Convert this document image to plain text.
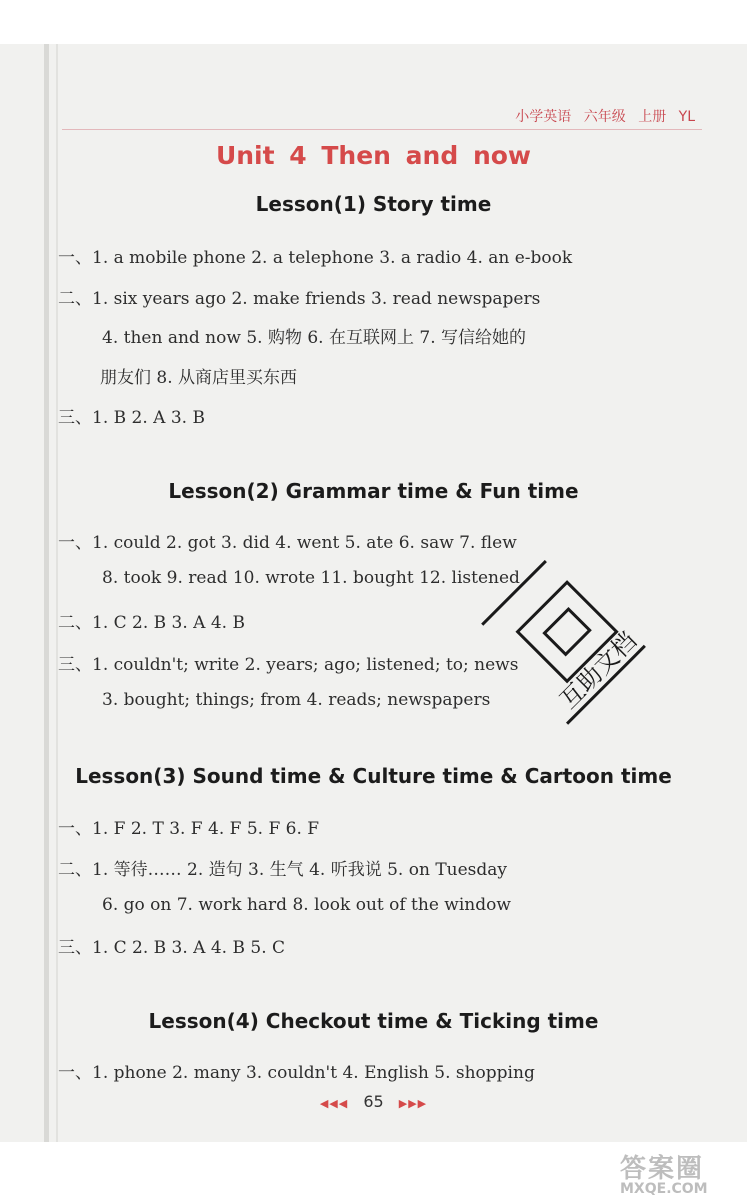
小学英语 六年级 上册 YL
Unit 4 Then and now
Lesson(1) Story time
一、1. a mobile phone 2. a telephone 3. a radio 4. an e-book
二、1. six years ago 2. make friends 3. read newspapers
4. then and now 5. 购物 6. 在互联网上 7. 写信给她的
朋友们 8. 从商店里买东西
三、1. B 2. A 3. B
Lesson(2) Grammar time & Fun time
一、1. could 2. got 3. did 4. went 5. ate 6. saw 7. flew
8. took 9. read 10. wrote 11. bought 12. listened
二、1. C 2. B 3. A 4. B
三、1. couldn't; write 2. years; ago; listened; to; news
3. bought; things; from 4. reads; newspapers
Lesson(3) Sound time & Culture time & Cartoon time
一、1. F 2. T 3. F 4. F 5. F 6. F
二、1. 等待…… 2. 造句 3. 生气 4. 听我说 5. on Tuesday
6. go on 7. work hard 8. look out of the window
三、1. C 2. B 3. A 4. B 5. C
Lesson(4) Checkout time & Ticking time
一、1. phone 2. many 3. couldn't 4. English 5. shopping
◀◀◀ 65 ▶▶▶
互助文档
答案圈
MXQE.COM
